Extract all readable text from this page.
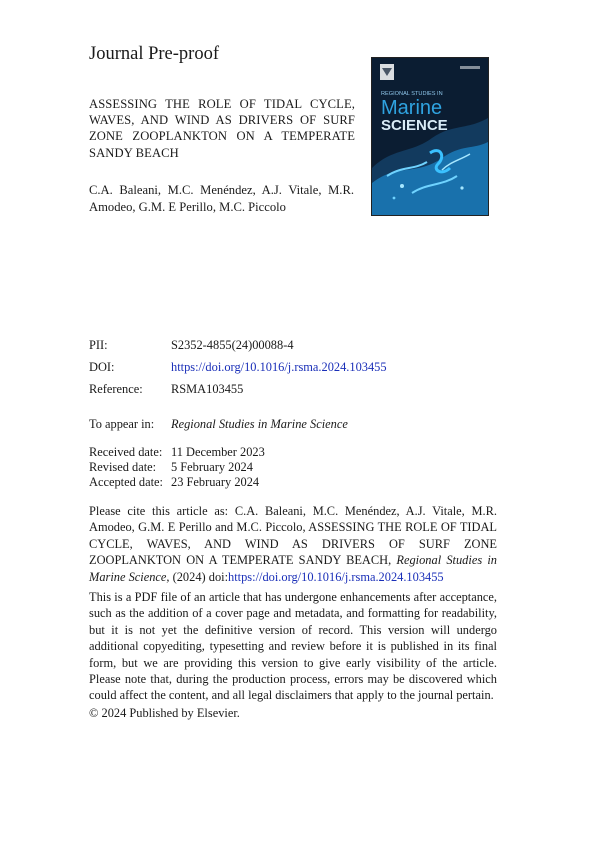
Journal Pre-proof
ASSESSING THE ROLE OF TIDAL CYCLE, WAVES, AND WIND AS DRIVERS OF SURF ZONE ZOOPLANKTON ON A TEMPERATE SANDY BEACH
C.A. Baleani, M.C. Menéndez, A.J. Vitale, M.R. Amodeo, G.M. E Perillo, M.C. Piccolo
REGIONAL STUDIES IN
Marine
SCIENCE
PII:	S2352-4855(24)00088-4
DOI:	https://doi.org/10.1016/j.rsma.2024.103455
Reference: RSMA103455
To appear in: Regional Studies in Marine Science
Received date: 11 December 2023
Revised date: 5 February 2024
Accepted date: 23 February 2024
Please cite this article as: C.A. Baleani, M.C. Menéndez, A.J. Vitale, M.R. Amodeo, G.M. E Perillo and M.C. Piccolo, ASSESSING THE ROLE OF TIDAL CYCLE, WAVES, AND WIND AS DRIVERS OF SURF ZONE ZOOPLANKTON ON A TEMPERATE SANDY BEACH, Regional Studies in Marine Science, (2024) doi:https://doi.org/10.1016/j.rsma.2024.103455
This is a PDF file of an article that has undergone enhancements after acceptance, such as the addition of a cover page and metadata, and formatting for readability, but it is not yet the definitive version of record. This version will undergo additional copyediting, typesetting and review before it is published in its final form, but we are providing this version to give early visibility of the article. Please note that, during the production process, errors may be discovered which could affect the content, and all legal disclaimers that apply to the journal pertain.
© 2024 Published by Elsevier.
